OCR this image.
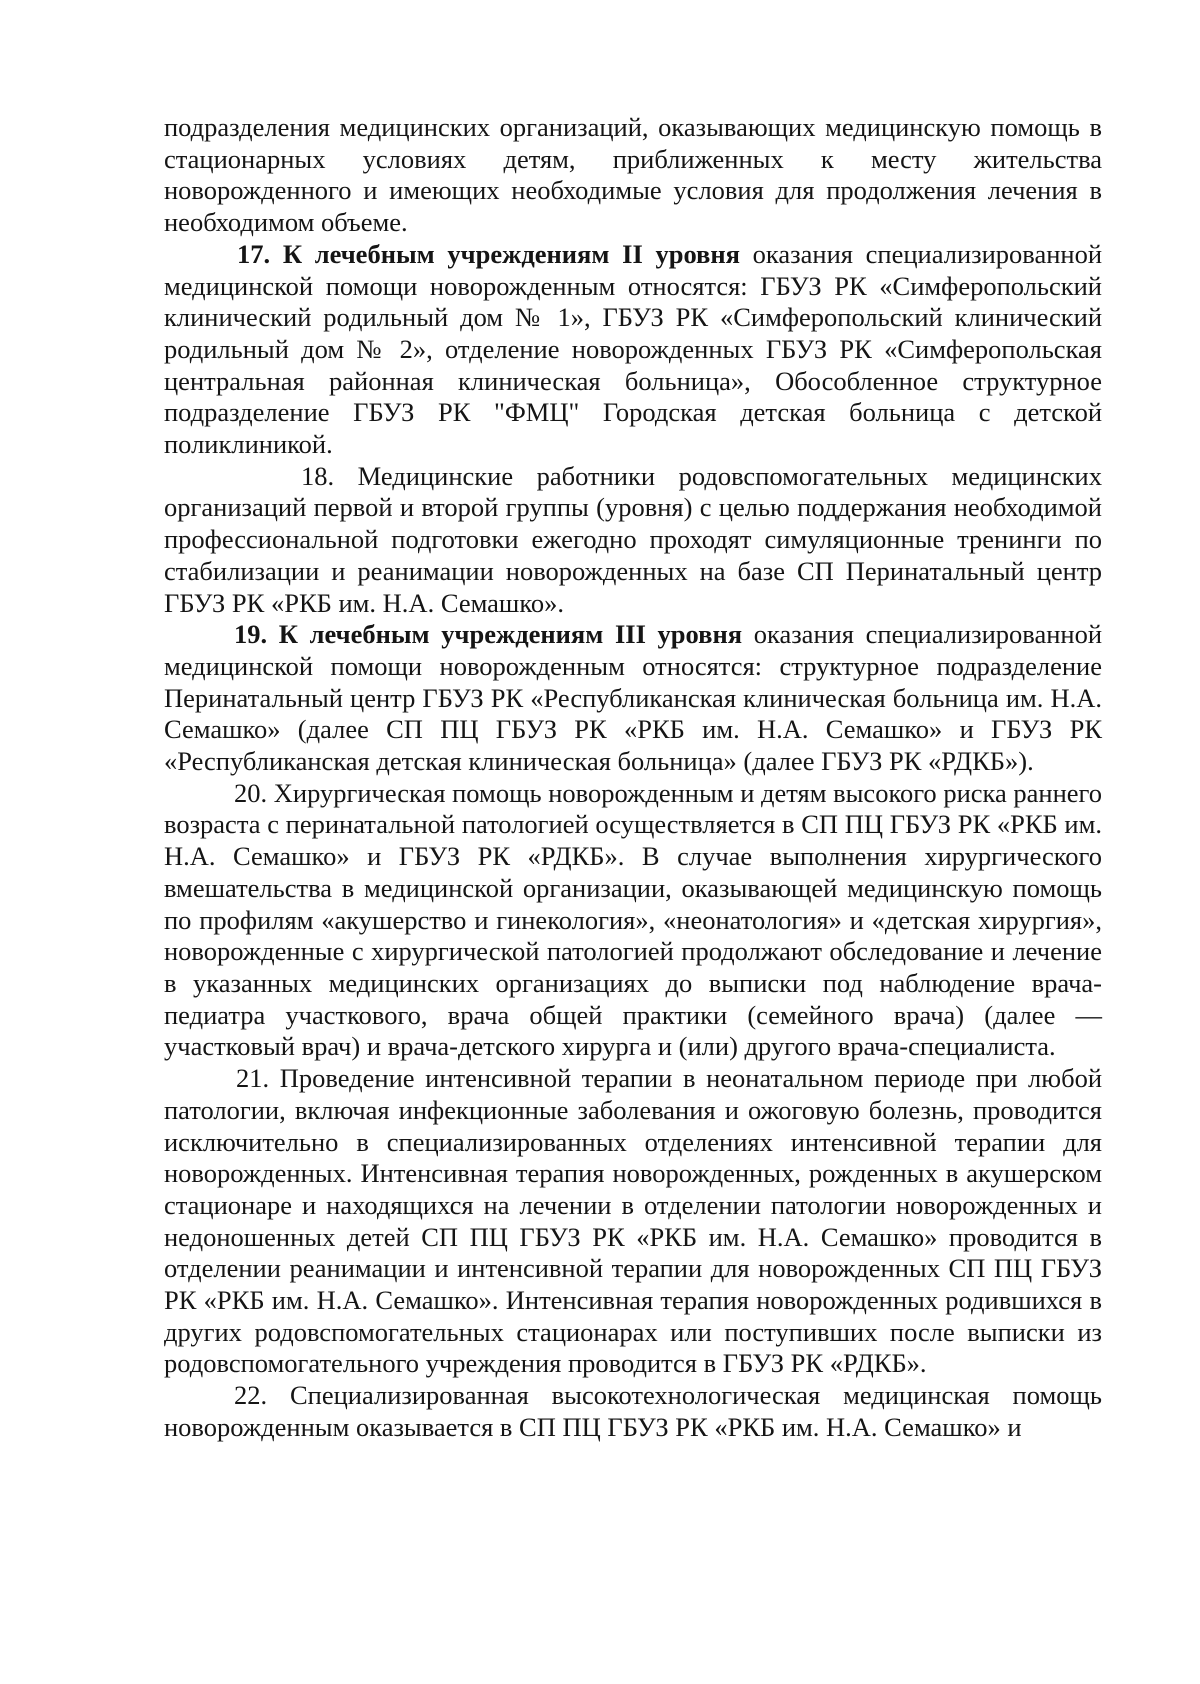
подразделения медицинских организаций, оказывающих медицинскую помощь в стационарных условиях детям, приближенных к месту жительства новорожденного и имеющих необходимые условия для продолжения лечения в необходимом объеме.

17. К лечебным учреждениям II уровня оказания специализированной медицинской помощи новорожденным относятся: ГБУЗ РК «Симферопольский клинический родильный дом № 1», ГБУЗ РК «Симферопольский клинический родильный дом № 2», отделение новорожденных ГБУЗ РК «Симферопольская центральная районная клиническая больница», Обособленное структурное подразделение ГБУЗ РК "ФМЦ" Городская детская больница с детской поликлиникой.

18. Медицинские работники родовспомогательных медицинских организаций первой и второй группы (уровня) с целью поддержания необходимой профессиональной подготовки ежегодно проходят симуляционные тренинги по стабилизации и реанимации новорожденных на базе СП Перинатальный центр ГБУЗ РК «РКБ им. Н.А. Семашко».

19. К лечебным учреждениям III уровня оказания специализированной медицинской помощи новорожденным относятся: структурное подразделение Перинатальный центр ГБУЗ РК «Республиканская клиническая больница им. Н.А. Семашко» (далее СП ПЦ ГБУЗ РК «РКБ им. Н.А. Семашко» и ГБУЗ РК «Республиканская детская клиническая больница» (далее ГБУЗ РК «РДКБ»).

20. Хирургическая помощь новорожденным и детям высокого риска раннего возраста с перинатальной патологией осуществляется в СП ПЦ ГБУЗ РК «РКБ им. Н.А. Семашко» и ГБУЗ РК «РДКБ». В случае выполнения хирургического вмешательства в медицинской организации, оказывающей медицинскую помощь по профилям «акушерство и гинекология», «неонатология» и «детская хирургия», новорожденные с хирургической патологией продолжают обследование и лечение в указанных медицинских организациях до выписки под наблюдение врача-педиатра участкового, врача общей практики (семейного врача) (далее —участковый врач) и врача-детского хирурга и (или) другого врача-специалиста.

21. Проведение интенсивной терапии в неонатальном периоде при любой патологии, включая инфекционные заболевания и ожоговую болезнь, проводится исключительно в специализированных отделениях интенсивной терапии для новорожденных. Интенсивная терапия новорожденных, рожденных в акушерском стационаре и находящихся на лечении в отделении патологии новорожденных и недоношенных детей СП ПЦ ГБУЗ РК «РКБ им. Н.А. Семашко» проводится в отделении реанимации и интенсивной терапии для новорожденных СП ПЦ ГБУЗ РК «РКБ им. Н.А. Семашко». Интенсивная терапия новорожденных родившихся в других родовспомогательных стационарах или поступивших после выписки из родовспомогательного учреждения проводится в ГБУЗ РК «РДКБ».

22. Специализированная высокотехнологическая медицинская помощь новорожденным оказывается в СП ПЦ ГБУЗ РК «РКБ им. Н.А. Семашко» и
